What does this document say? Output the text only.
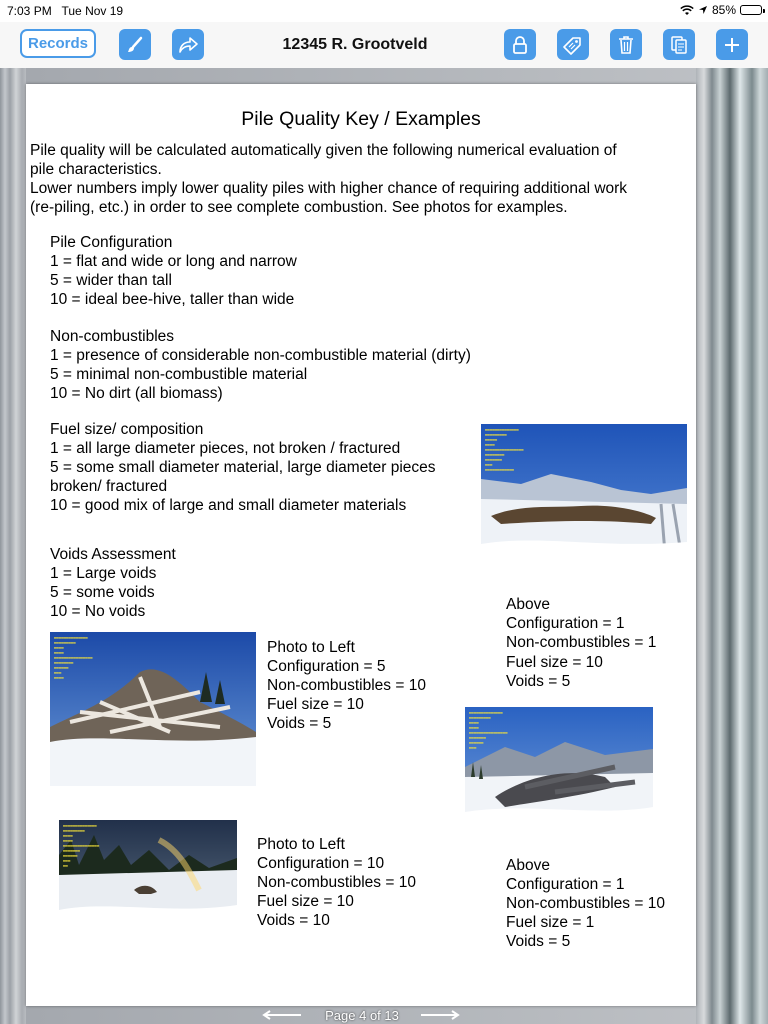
7:03 PM Tue Nov 19	85%
Records	12345 R. Grootveld
Pile Quality Key / Examples
Pile quality will be calculated automatically given the following numerical evaluation of
pile characteristics.
Lower numbers imply lower quality piles with higher chance of requiring additional work
(re-piling, etc.) in order to see complete combustion. See photos for examples.
Pile Configuration
1 = flat and wide or long and narrow
5 = wider than tall
10 = ideal bee-hive, taller than wide
Non-combustibles
1 = presence of considerable non-combustible material (dirty)
5 = minimal non-combustible material
10 = No dirt (all biomass)
Fuel size/ composition
1 = all large diameter pieces, not broken / fractured
5 = some small diameter material, large diameter pieces
broken/ fractured
10 = good mix of large and small diameter materials
Voids Assessment
1 = Large voids
5 = some voids
10 = No voids
▬▬▬▬▬▬▬▬▬▬▬▬▬▬
▬▬▬▬▬▬▬▬▬
▬▬▬▬▬
▬▬▬▬
▬▬▬▬▬▬▬▬▬▬▬▬▬▬▬▬
▬▬▬▬▬▬▬▬
▬▬▬▬▬▬▬
▬▬▬
▬▬▬▬▬▬▬▬▬▬▬▬
Above
Configuration = 1
Non-combustibles = 1
Fuel size = 10
Voids = 5
▬▬▬▬▬▬▬▬▬▬▬▬▬▬
▬▬▬▬▬▬▬▬▬
▬▬▬▬
▬▬▬▬
▬▬▬▬▬▬▬▬▬▬▬▬▬▬▬▬
▬▬▬▬▬▬▬▬
▬▬▬▬▬▬
▬▬▬
▬▬▬▬
Photo to Left
Configuration = 5
Non-combustibles = 10
Fuel size = 10
Voids = 5
▬▬▬▬▬▬▬▬▬▬▬▬▬▬
▬▬▬▬▬▬▬▬▬
▬▬▬▬
▬▬▬▬
▬▬▬▬▬▬▬▬▬▬▬▬▬▬▬▬
▬▬▬▬▬▬▬
▬▬▬▬▬▬
▬▬▬
Above
Configuration = 1
Non-combustibles = 10
Fuel size = 1
Voids = 5
▬▬▬▬▬▬▬▬▬▬▬▬▬▬
▬▬▬▬▬▬▬▬▬
▬▬▬▬
▬▬▬▬
▬▬▬▬▬▬▬▬▬▬▬▬▬▬▬
▬▬▬▬▬▬▬
▬▬▬▬▬▬
▬▬▬
▬▬
Photo to Left
Configuration = 10
Non-combustibles = 10
Fuel size = 10
Voids = 10
Page 4 of 13
